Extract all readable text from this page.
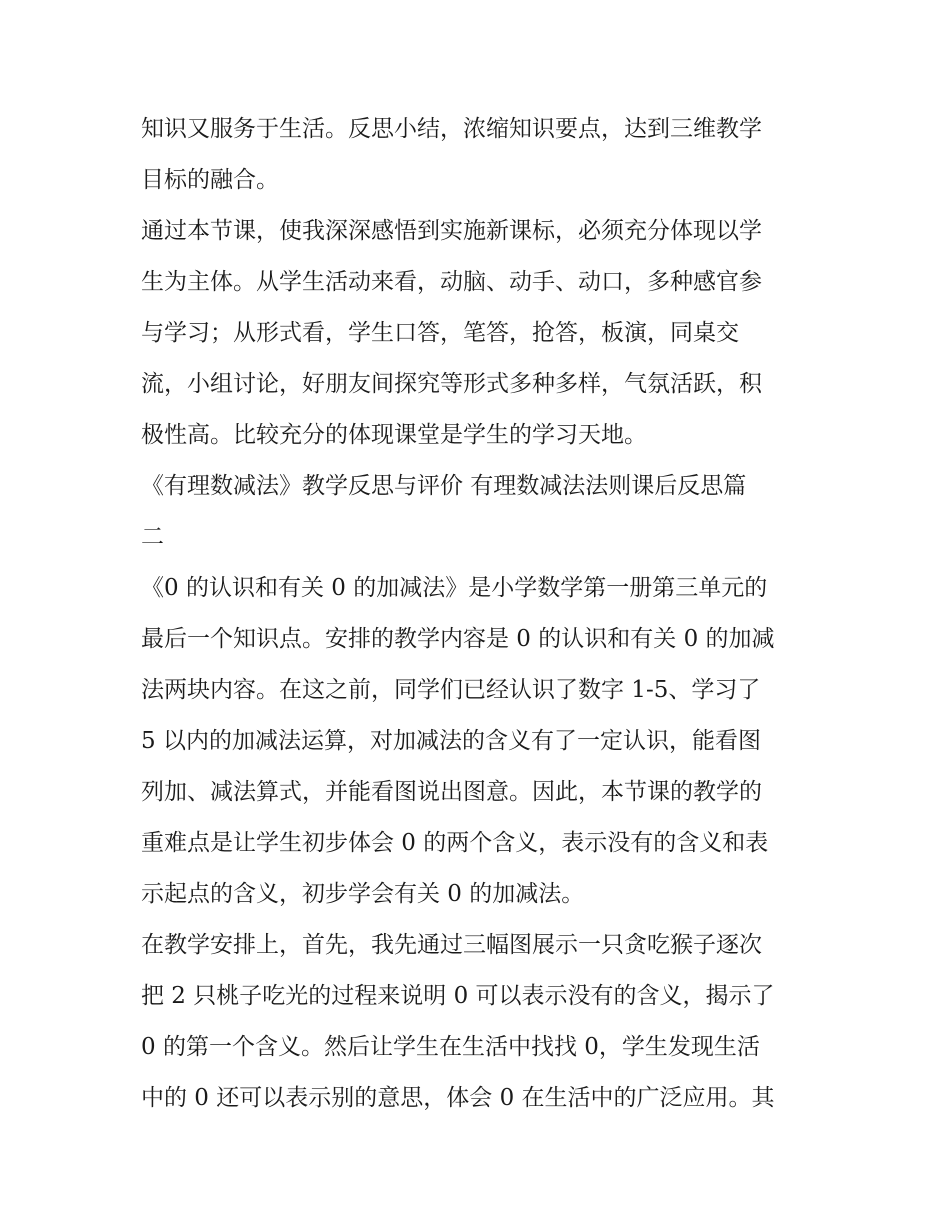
知识又服务于生活。反思小结，浓缩知识要点，达到三维教学
目标的融合。
通过本节课，使我深深感悟到实施新课标，必须充分体现以学
生为主体。从学生活动来看，动脑、动手、动口，多种感官参
与学习；从形式看，学生口答，笔答，抢答，板演，同桌交
流，小组讨论，好朋友间探究等形式多种多样，气氛活跃，积
极性高。比较充分的体现课堂是学生的学习天地。
《有理数减法》教学反思与评价 有理数减法法则课后反思篇
二
《0 的认识和有关 0 的加减法》是小学数学第一册第三单元的
最后一个知识点。安排的教学内容是 0 的认识和有关 0 的加减
法两块内容。在这之前，同学们已经认识了数字 1-5、学习了
5 以内的加减法运算，对加减法的含义有了一定认识，能看图
列加、减法算式，并能看图说出图意。因此，本节课的教学的
重难点是让学生初步体会 0 的两个含义，表示没有的含义和表
示起点的含义，初步学会有关 0 的加减法。
在教学安排上，首先，我先通过三幅图展示一只贪吃猴子逐次
把 2 只桃子吃光的过程来说明 0 可以表示没有的含义，揭示了
0 的第一个含义。然后让学生在生活中找找 0，学生发现生活
中的 0 还可以表示别的意思，体会 0 在生活中的广泛应用。其
